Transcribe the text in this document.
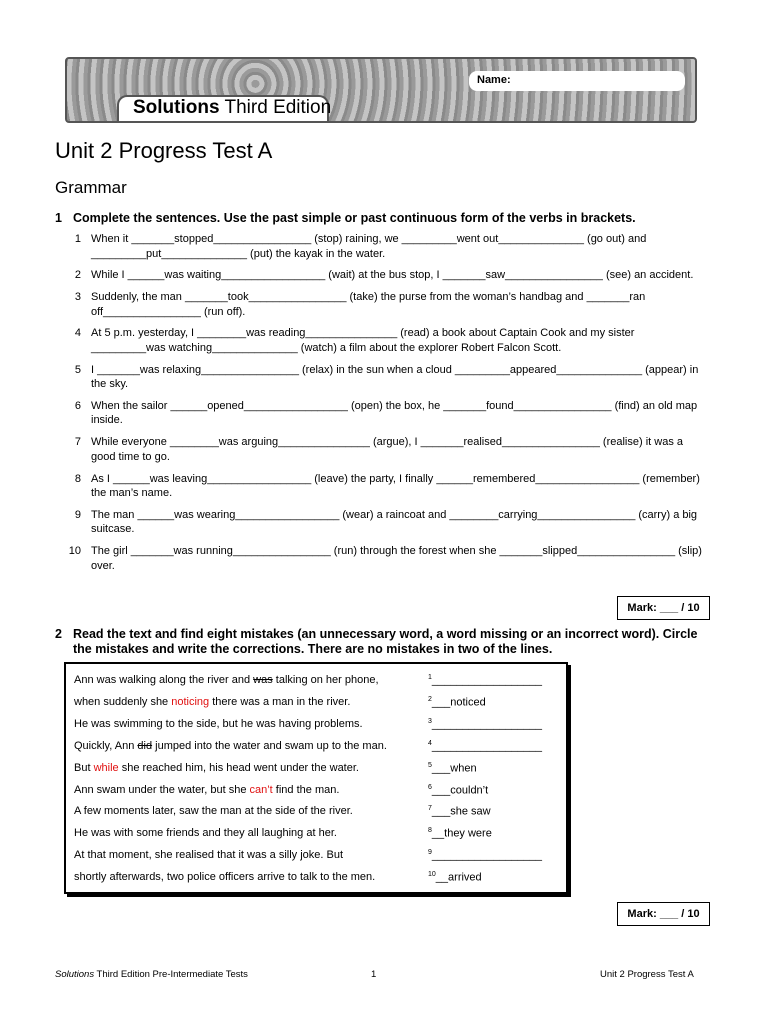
Name:
Solutions Third Edition
Unit 2 Progress Test A
Grammar
1 Complete the sentences. Use the past simple or past continuous form of the verbs in brackets.
1 When it _______stopped________________ (stop) raining, we _________went out______________ (go out) and _________put______________ (put) the kayak in the water.
2 While I ______was waiting_________________ (wait) at the bus stop, I _______saw________________ (see) an accident.
3 Suddenly, the man _______took________________ (take) the purse from the woman’s handbag and _______ran off________________ (run off).
4 At 5 p.m. yesterday, I ________was reading_______________ (read) a book about Captain Cook and my sister _________was watching______________ (watch) a film about the explorer Robert Falcon Scott.
5 I _______was relaxing________________ (relax) in the sun when a cloud _________appeared______________ (appear) in the sky.
6 When the sailor ______opened_________________ (open) the box, he _______found________________ (find) an old map inside.
7 While everyone ________was arguing_______________ (argue), I _______realised________________ (realise) it was a good time to go.
8 As I ______was leaving_________________ (leave) the party, I finally ______remembered_________________ (remember) the man’s name.
9 The man ______was wearing_________________ (wear) a raincoat and ________carrying________________ (carry) a big suitcase.
10 The girl _______was running________________ (run) through the forest when she _______slipped________________ (slip) over.
Mark: ___ / 10
2 Read the text and find eight mistakes (an unnecessary word, a word missing or an incorrect word). Circle the mistakes and write the corrections. There are no mistakes in two of the lines.
Ann was walking along the river and was talking on her phone,	$^1$__________________
when suddenly she noticing there was a man in the river.	$^2$___noticed
He was swimming to the side, but he was having problems.	$^3$__________________
Quickly, Ann did jumped into the water and swam up to the man.	$^4$__________________
But while she reached him, his head went under the water.	$^5$___when
Ann swam under the water, but she can’t find the man.	$^6$___couldn’t
A few moments later, saw the man at the side of the river.	$^7$___she saw
He was with some friends and they all laughing at her.	$^8$__they were
At that moment, she realised that it was a silly joke. But	$^9$__________________
shortly afterwards, two police officers arrive to talk to the men.	$^{10}$__arrived
Mark: ___ / 10
Solutions Third Edition Pre-Intermediate Tests	1	Unit 2 Progress Test A
